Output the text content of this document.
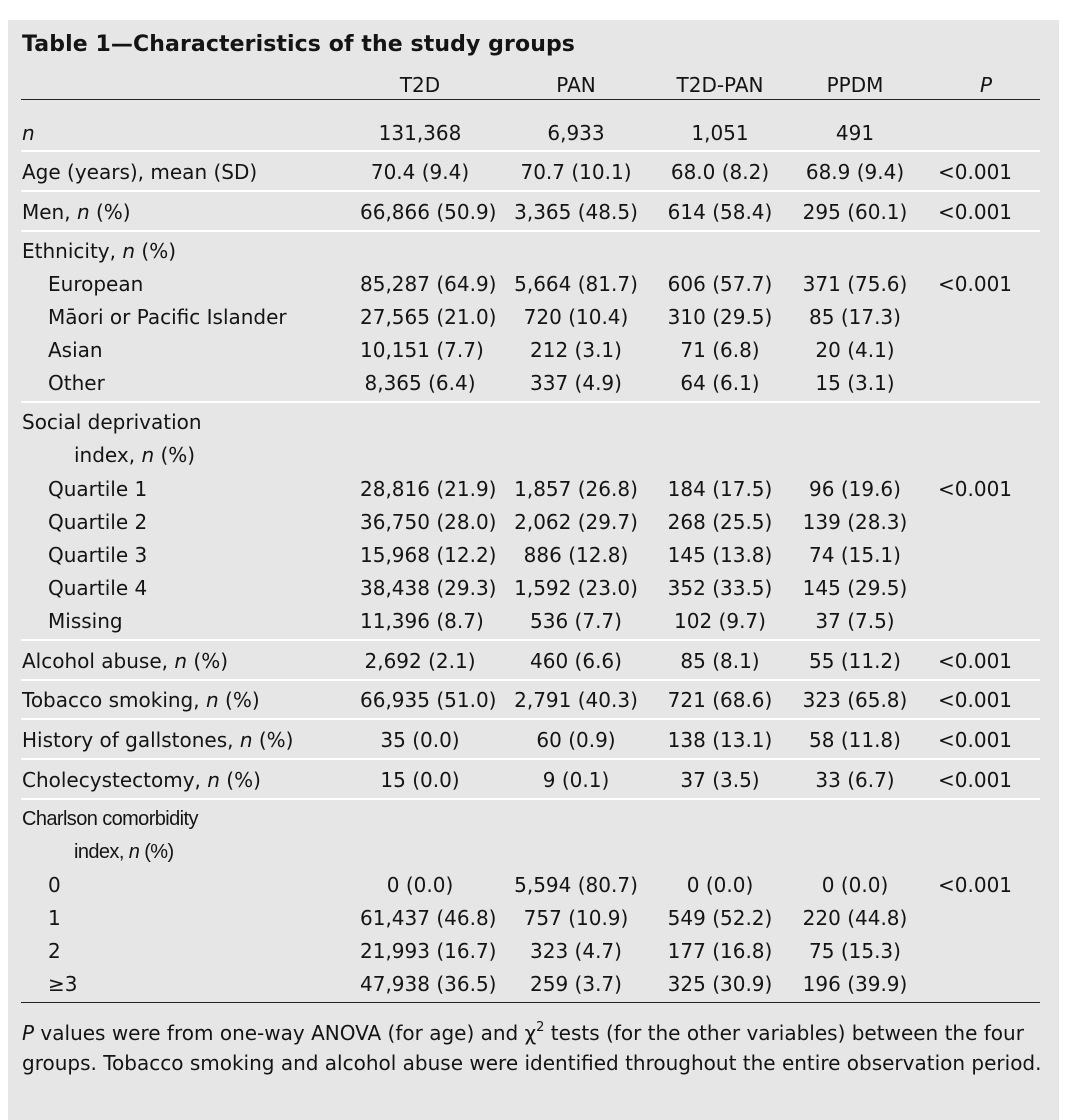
Table 1—Characteristics of the study groups
T2D	PAN	T2D-PAN	PPDM	P
n	131,368	6,933	1,051	491
Age (years), mean (SD)	70.4 (9.4)	70.7 (10.1)	68.0 (8.2)	68.9 (9.4)	<0.001
Men, n (%)	66,866 (50.9) 3,365 (48.5)	614 (58.4)	295 (60.1)	<0.001
Ethnicity, n (%)
European	85,287 (64.9) 5,664 (81.7)	606 (57.7)	371 (75.6)	<0.001
Māori or Pacific Islander	27,565 (21.0)	720 (10.4)	310 (29.5)	85 (17.3)
Asian	10,151 (7.7)	212 (3.1)	71 (6.8)	20 (4.1)
Other	8,365 (6.4)	337 (4.9)	64 (6.1)	15 (3.1)
Social deprivation
index, n (%)
Quartile 1	28,816 (21.9) 1,857 (26.8)	184 (17.5)	96 (19.6)	<0.001
Quartile 2	36,750 (28.0) 2,062 (29.7)	268 (25.5)	139 (28.3)
Quartile 3	15,968 (12.2)	886 (12.8)	145 (13.8)	74 (15.1)
Quartile 4	38,438 (29.3) 1,592 (23.0)	352 (33.5)	145 (29.5)
Missing	11,396 (8.7)	536 (7.7)	102 (9.7)	37 (7.5)
Alcohol abuse, n (%)	2,692 (2.1)	460 (6.6)	85 (8.1)	55 (11.2)	<0.001
Tobacco smoking, n (%)	66,935 (51.0) 2,791 (40.3)	721 (68.6)	323 (65.8)	<0.001
History of gallstones, n (%)	35 (0.0)	60 (0.9)	138 (13.1)	58 (11.8)	<0.001
Cholecystectomy, n (%)	15 (0.0)	9 (0.1)	37 (3.5)	33 (6.7)	<0.001
Charlson comorbidity
index, n (%)
0	0 (0.0)	5,594 (80.7)	0 (0.0)	0 (0.0)	<0.001
1	61,437 (46.8)	757 (10.9)	549 (52.2)	220 (44.8)
2	21,993 (16.7)	323 (4.7)	177 (16.8)	75 (15.3)
≥3	47,938 (36.5)	259 (3.7)	325 (30.9)	196 (39.9)
P values were from one-way ANOVA (for age) and $\chi^2$ tests (for the other variables) between the four groups. Tobacco smoking and alcohol abuse were identified throughout the entire observation period.
